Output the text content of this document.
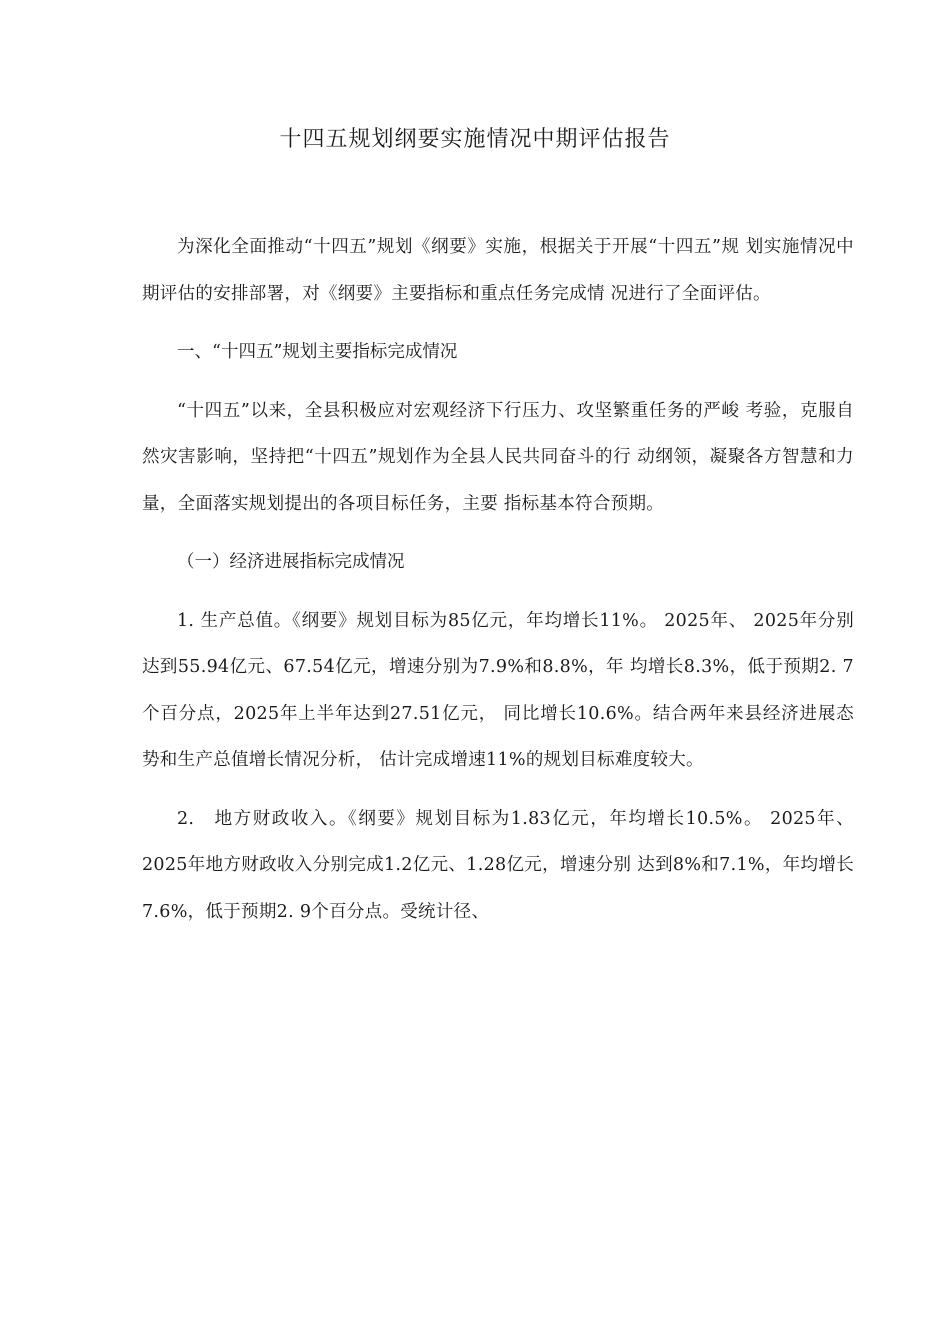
十四五规划纲要实施情况中期评估报告

为深化全面推动“十四五”规划《纲要》实施，根据关于开展“十四五”规 划实施情况中期评估的安排部署，对《纲要》主要指标和重点任务完成情 况进行了全面评估。

一、“十四五”规划主要指标完成情况

“十四五”以来，全县积极应对宏观经济下行压力、攻坚繁重任务的严峻 考验，克服自然灾害影响，坚持把“十四五”规划作为全县人民共同奋斗的行 动纲领，凝聚各方智慧和力量，全面落实规划提出的各项目标任务，主要 指标基本符合预期。

（一）经济进展指标完成情况

1. 生产总值。《纲要》规划目标为85亿元，年均增长11%。 2025年、 2025年分别达到55.94亿元、67.54亿元，增速分别为7.9%和8.8%，年 均增长8.3%，低于预期2. 7个百分点，2025年上半年达到27.51亿元， 同比增长10.6%。结合两年来县经济进展态势和生产总值增长情况分析， 估计完成增速11%的规划目标难度较大。

2.　地方财政收入。《纲要》规划目标为1.83亿元，年均增长10.5%。 2025年、2025年地方财政收入分别完成1.2亿元、1.28亿元，增速分别 达到8%和7.1%，年均增长7.6%，低于预期2. 9个百分点。受统计径、
